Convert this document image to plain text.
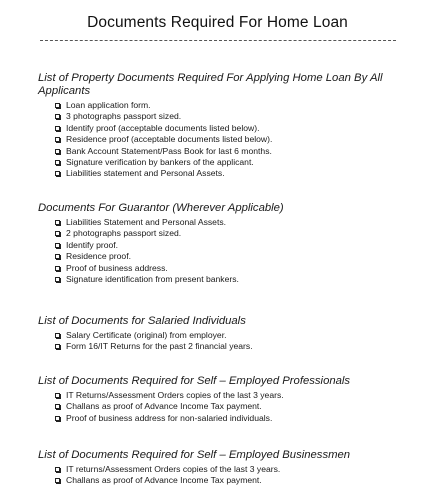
Documents Required For Home Loan
List of Property Documents Required For Applying Home Loan By All Applicants
Loan application form.
3 photographs passport sized.
Identify proof (acceptable documents listed below).
Residence proof (acceptable documents listed below).
Bank Account Statement/Pass Book for last 6 months.
Signature verification by bankers of the applicant.
Liabilities statement and Personal Assets.
Documents For Guarantor (Wherever Applicable)
Liabilities Statement and Personal Assets.
2 photographs passport sized.
Identify proof.
Residence proof.
Proof of business address.
Signature identification from present bankers.
List of Documents for Salaried Individuals
Salary Certificate (original) from employer.
Form 16/IT Returns for the past 2 financial years.
List of Documents Required for Self – Employed Professionals
IT Returns/Assessment Orders copies of the last 3 years.
Challans as proof of Advance Income Tax payment.
Proof of business address for non-salaried individuals.
List of Documents Required for Self – Employed Businessmen
IT returns/Assessment Orders copies of the last 3 years.
Challans as proof of Advance Income Tax payment.
